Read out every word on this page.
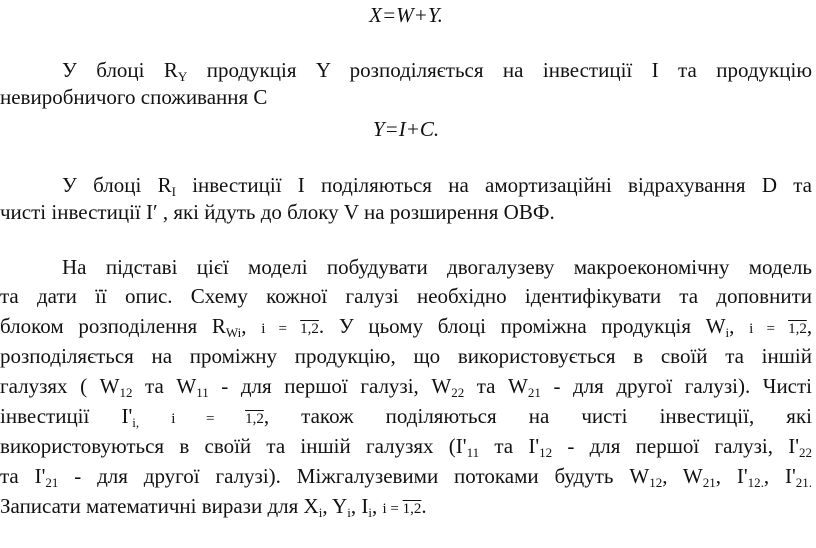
X=W+Y.
У блоці $R_Y$ продукція Y розподіляється на інвестиції I та продукцію
невиробничого споживання C
Y=I+C.
У блоці $R_I$ інвестиції I поділяються на амортизаційні відрахування D та
чисті інвестиції I′ , які йдуть до блоку V на розширення ОВФ.
На підставі цієї моделі побудувати двогалузеву макроекономічну модель
та дати її опис. Схему кожної галузі необхідно ідентифікувати та доповнити
блоком розподілення $R_{Wi}$, i = 1,2. У цьому блоці проміжна продукція $W_i$, i = 1,2,
розподіляється на проміжну продукцію, що використовується в своїй та іншій
галузях ( $W_{12}$ та $W_{11}$ - для першої галузі, $W_{22}$ та $W_{21}$ - для другої галузі). Чисті
інвестиції $I'_{i,}$ i = 1,2, також поділяються на чисті інвестиції, які
використовуються в своїй та іншій галузях ($I'_{11}$ та $I'_{12}$ - для першої галузі, $I'_{22}$
та $I'_{21}$ - для другої галузі). Міжгалузевими потоками будуть $W_{12}$, $W_{21}$, $I'_{12.}$, $I'_{21.}$
Записати математичні вирази для $X_i$, $Y_i$, $I_i$, i = 1,2.
